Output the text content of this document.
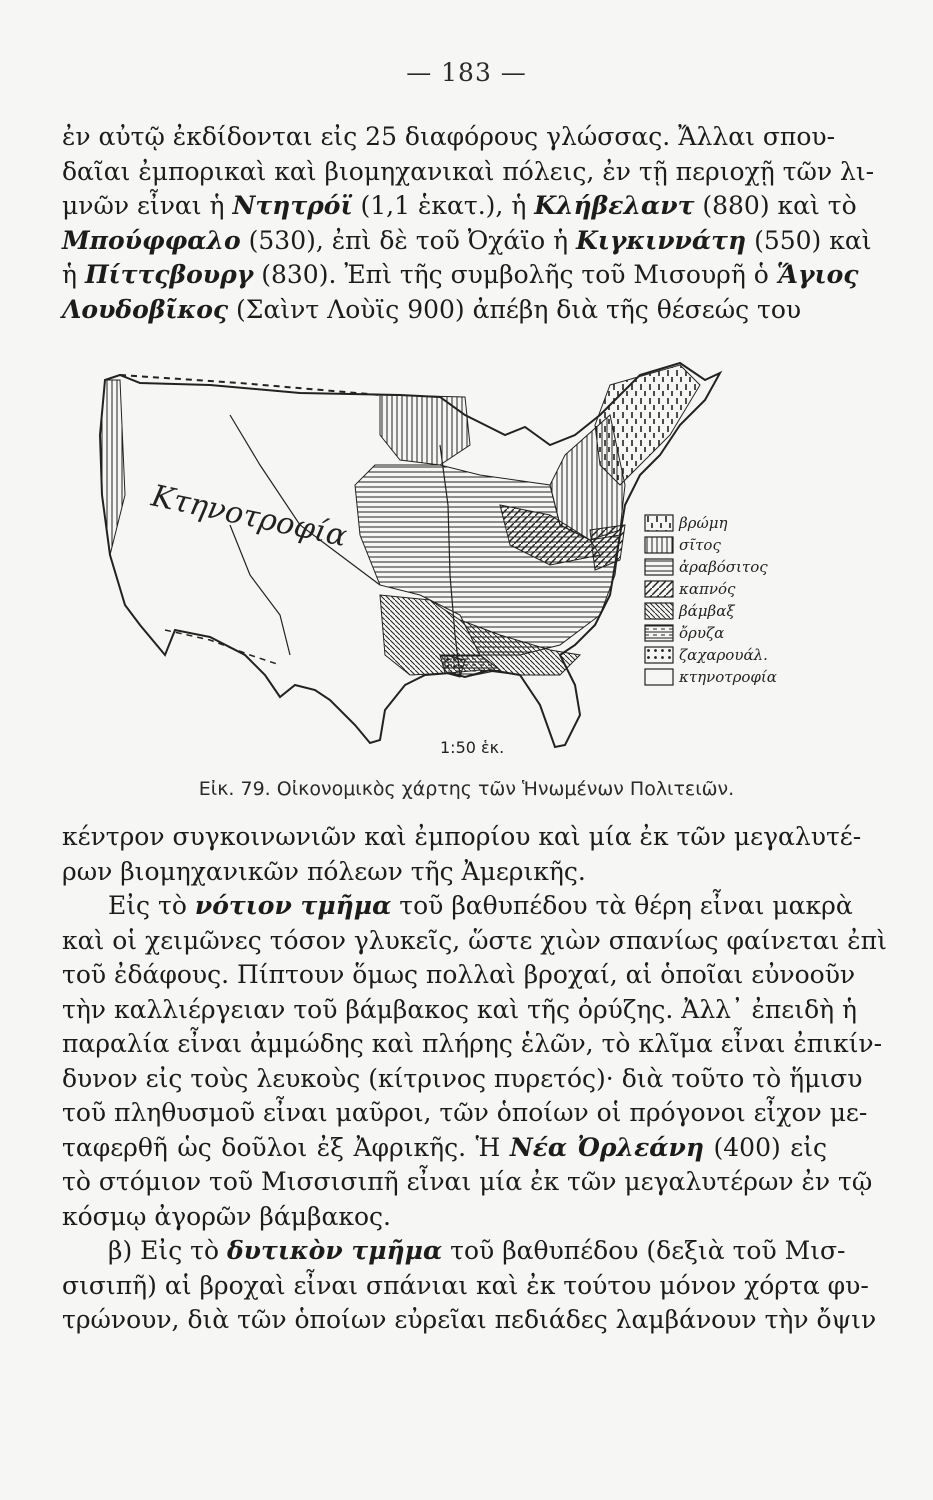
— 183 —
ἐν αὐτῷ ἐκδίδονται εἰς 25 διαφόρους γλώσσας. Ἄλλαι σπου-
δαῖαι ἐμπορικαὶ καὶ βιομηχανικαὶ πόλεις, ἐν τῇ περιοχῇ τῶν λι-
μνῶν εἶναι ἡ Ντητρόϊ (1,1 ἑκατ.), ἡ Κλήβελαντ (880) καὶ τὸ
Μπούφφαλο (530), ἐπὶ δὲ τοῦ Ὀχάϊο ἡ Κιγκιννάτη (550) καὶ
ἡ Πίττςβουργ (830). Ἐπὶ τῆς συμβολῆς τοῦ Μισουρῆ ὁ Ἅγιος
Λουδοβῖκος (Σαὶντ Λοὺϊς 900) ἀπέβη διὰ τῆς θέσεώς του
Κτηνοτροφία
1:50 ἑκ.
βρώμη
σῖτος
ἀραβόσιτος
καπνός
βάμβαξ
ὄρυζα
ζαχαρουάλ.
κτηνοτροφία
Εἰκ. 79. Οἰκονομικὸς χάρτης τῶν Ἡνωμένων Πολιτειῶν.
κέντρον συγκοινωνιῶν καὶ ἐμπορίου καὶ μία ἐκ τῶν μεγαλυτέ-
ρων βιομηχανικῶν πόλεων τῆς Ἀμερικῆς.
Εἰς τὸ νότιον τμῆμα τοῦ βαθυπέδου τὰ θέρη εἶναι μακρὰ
καὶ οἱ χειμῶνες τόσον γλυκεῖς, ὥστε χιὼν σπανίως φαίνεται ἐπὶ
τοῦ ἐδάφους. Πίπτουν ὅμως πολλαὶ βροχαί, αἱ ὁποῖαι εὐνοοῦν
τὴν καλλιέργειαν τοῦ βάμβακος καὶ τῆς ὀρύζης. Ἀλλ᾽ ἐπειδὴ ἡ
παραλία εἶναι ἀμμώδης καὶ πλήρης ἑλῶν, τὸ κλῖμα εἶναι ἐπικίν-
δυνον εἰς τοὺς λευκοὺς (κίτρινος πυρετός)· διὰ τοῦτο τὸ ἥμισυ
τοῦ πληθυσμοῦ εἶναι μαῦροι, τῶν ὁποίων οἱ πρόγονοι εἶχον με-
ταφερθῆ ὡς δοῦλοι ἐξ Ἀφρικῆς. Ἡ Νέα Ὀρλεάνη (400) εἰς
τὸ στόμιον τοῦ Μισσισιπῆ εἶναι μία ἐκ τῶν μεγαλυτέρων ἐν τῷ
κόσμῳ ἀγορῶν βάμβακος.
β) Εἰς τὸ δυτικὸν τμῆμα τοῦ βαθυπέδου (δεξιὰ τοῦ Μισ-
σισιπῆ) αἱ βροχαὶ εἶναι σπάνιαι καὶ ἐκ τούτου μόνον χόρτα φυ-
τρώνουν, διὰ τῶν ὁποίων εὐρεῖαι πεδιάδες λαμβάνουν τὴν ὄψιν
